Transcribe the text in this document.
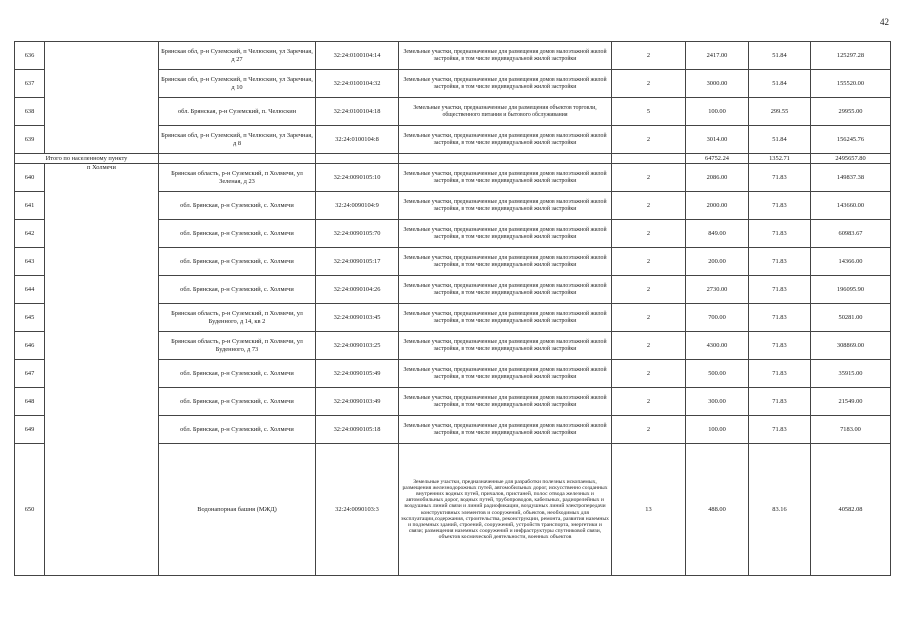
42
636		Брянская обл, р-н Суземский, п Челюскин, ул Заречная, д 27	32:24:0100104:14	Земельные участки, предназначенные для размещения домов малоэтажной жилой застройки, в том числе индивидуальной жилой застройки	2	2417.00	51.84	125297.28
637		Брянская обл, р-н Суземский, п Челюскин, ул Заречная, д 10	32:24:0100104:32	Земельные участки, предназначенные для размещения домов малоэтажной жилой застройки, в том числе индивидуальной жилой застройки	2	3000.00	51.84	155520.00
638		обл. Брянская, р-н Суземский, п. Челюскин	32:24:0100104:18	Земельные участки, предназначенные для размещения объектов торговли, общественного питания и бытового обслуживания	5	100.00	299.55	29955.00
639		Брянская обл, р-н Суземский, п Челюскин, ул Заречная, д 8	32:24:0100104:8	Земельные участки, предназначенные для размещения домов малоэтажной жилой застройки, в том числе индивидуальной жилой застройки	2	3014.00	51.84	156245.76
Итого по населенному пункту						64752.24	1352.71	2495657.80
640	п Холмечи	Брянская область, р-н Суземский, п Холмечи, ул Зеленая, д 23	32:24:0090105:10	Земельные участки, предназначенные для размещения домов малоэтажной жилой застройки, в том числе индивидуальной жилой застройки	2	2086.00	71.83	149837.38
641		обл. Брянская, р-н Суземский, с. Холмечи	32:24:0090104:9	Земельные участки, предназначенные для размещения домов малоэтажной жилой застройки, в том числе индивидуальной жилой застройки	2	2000.00	71.83	143660.00
642		обл. Брянская, р-н Суземский, с. Холмечи	32:24:0090105:70	Земельные участки, предназначенные для размещения домов малоэтажной жилой застройки, в том числе индивидуальной жилой застройки	2	849.00	71.83	60983.67
643		обл. Брянская, р-н Суземский, с. Холмечи	32:24:0090105:17	Земельные участки, предназначенные для размещения домов малоэтажной жилой застройки, в том числе индивидуальной жилой застройки	2	200.00	71.83	14366.00
644		обл. Брянская, р-н Суземский, с. Холмечи	32:24:0090104:26	Земельные участки, предназначенные для размещения домов малоэтажной жилой застройки, в том числе индивидуальной жилой застройки	2	2730.00	71.83	196095.90
645		Брянская область, р-н Суземский, п Холмечи, ул Буденного, д 14, кв 2	32:24:0090103:45	Земельные участки, предназначенные для размещения домов малоэтажной жилой застройки, в том числе индивидуальной жилой застройки	2	700.00	71.83	50281.00
646		Брянская область, р-н Суземский, п Холмечи, ул Буденного, д 73	32:24:0090103:25	Земельные участки, предназначенные для размещения домов малоэтажной жилой застройки, в том числе индивидуальной жилой застройки	2	4300.00	71.83	308869.00
647		обл. Брянская, р-н Суземский, с. Холмечи	32:24:0090105:49	Земельные участки, предназначенные для размещения домов малоэтажной жилой застройки, в том числе индивидуальной жилой застройки	2	500.00	71.83	35915.00
648		обл. Брянская, р-н Суземский, с. Холмечи	32:24:0090103:49	Земельные участки, предназначенные для размещения домов малоэтажной жилой застройки, в том числе индивидуальной жилой застройки	2	300.00	71.83	21549.00
649		обл. Брянская, р-н Суземский, с. Холмечи	32:24:0090105:18	Земельные участки, предназначенные для размещения домов малоэтажной жилой застройки, в том числе индивидуальной жилой застройки	2	100.00	71.83	7183.00
650		Водонапорная башня (МЖД)	32:24:0090103:3	Земельные участки, предназначенные для разработки полезных ископаемых, размещения железнодорожных путей, автомобильных дорог, искусственно созданных внутренних водных путей, причалов, пристаней, полос отвода железных и автомобильных дорог, водных путей, трубопроводов, кабельных, радиорелейных и воздушных линий связи и линий радиофикации, воздушных линий электропередачи конструктивных элементов и сооружений, объектов, необходимых для эксплуатации,содержания, строительства, реконструкции, ремонта, развития наземных и подземных зданий, строений, сооружений, устройств транспорта, энергетики и связи; размещения наземных сооружений и инфраструктуры спутниковой связи, объектов космической деятельности, военных объектов	13	488.00	83.16	40582.08
